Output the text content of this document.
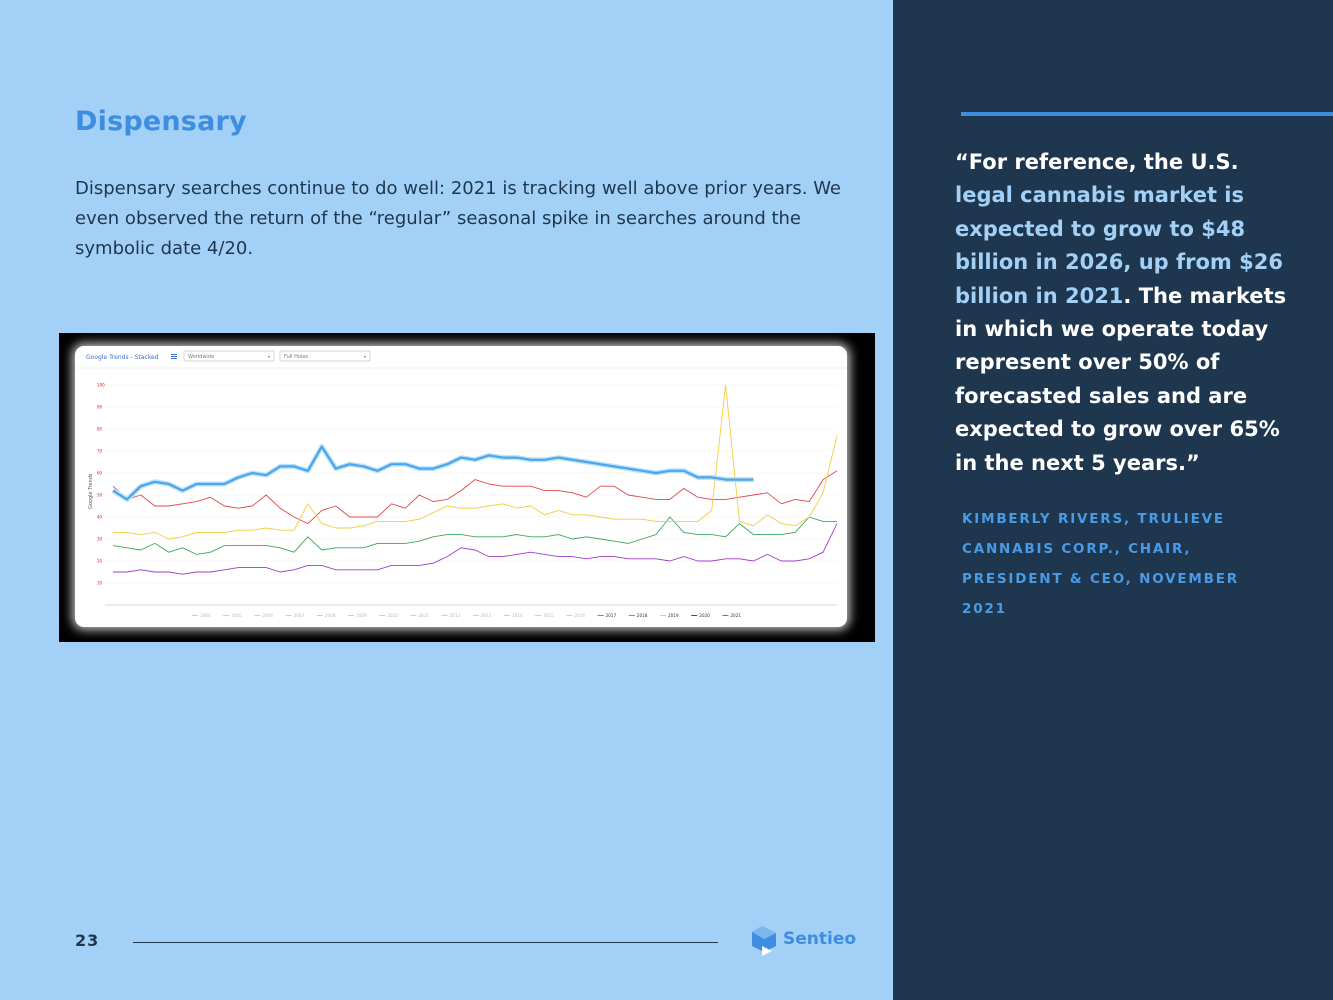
Dispensary
Dispensary searches continue to do well: 2021 is tracking well above prior years. We even observed the return of the “regular” seasonal spike in searches around the symbolic date 4/20.
Google Trends - Stacked	Worldwide	▾	Full Holes	▾
Google Trends
10
20
30
40
50
60
70
80
90
100
2004	2005	2006	2007	2008	2009	2010	2011	2012	2013	2014	2015	2016	2017	2018	2019	2020	2021
23	Sentieo
“For reference, the U.S. legal cannabis market is expected to grow to $48 billion in 2026, up from $26 billion in 2021. The markets in which we operate today represent over 50% of forecasted sales and are expected to grow over 65% in the next 5 years.”
KIMBERLY RIVERS, TRULIEVE CANNABIS CORP., CHAIR, PRESIDENT & CEO, NOVEMBER 2021
